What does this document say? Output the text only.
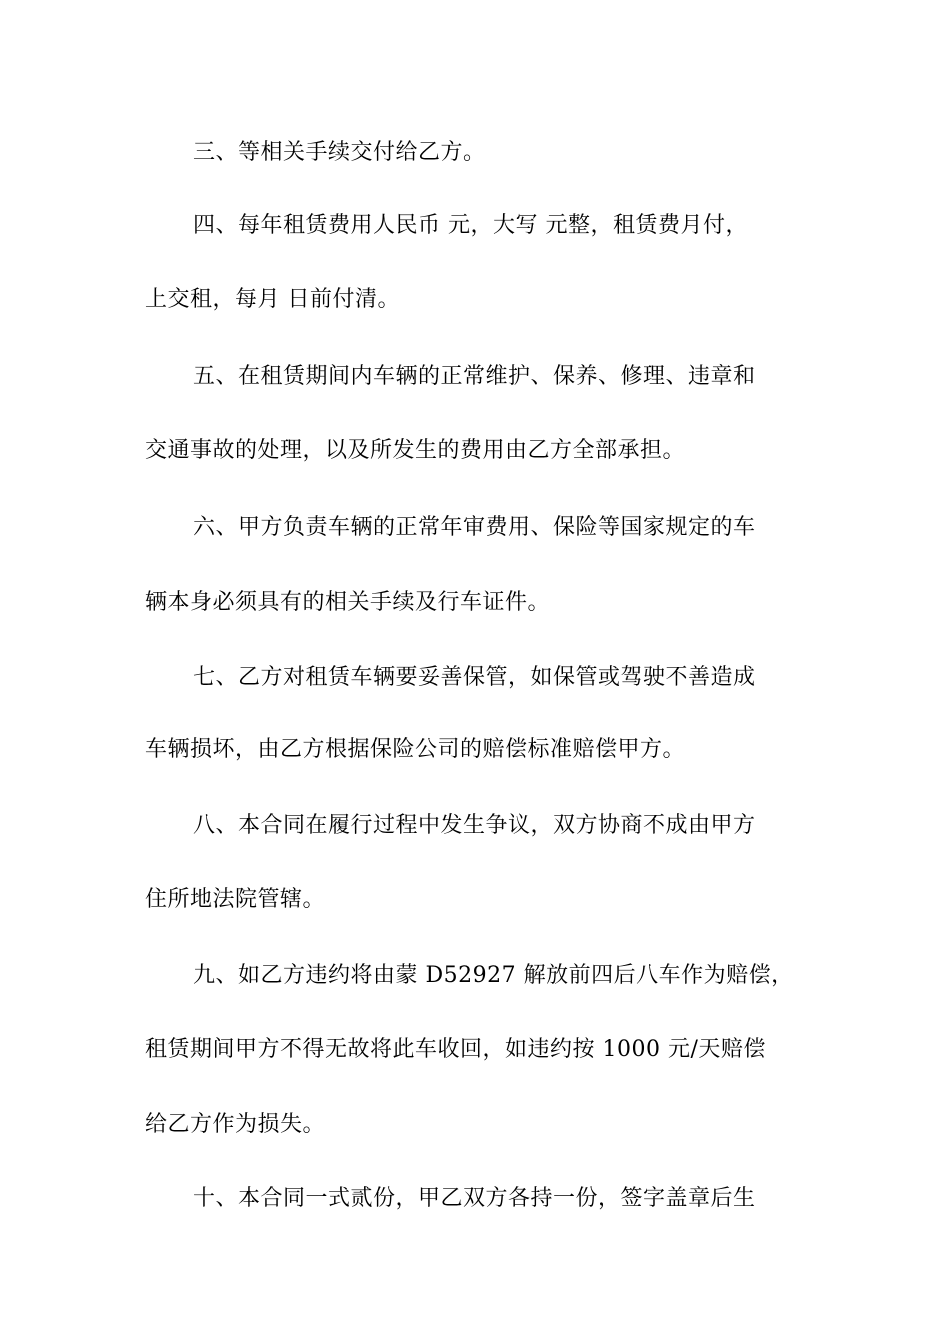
三、等相关手续交付给乙方。
四、每年租赁费用人民币 元，大写 元整，租赁费月付，
上交租，每月 日前付清。
五、在租赁期间内车辆的正常维护、保养、修理、违章和
交通事故的处理，以及所发生的费用由乙方全部承担。
六、甲方负责车辆的正常年审费用、保险等国家规定的车
辆本身必须具有的相关手续及行车证件。
七、乙方对租赁车辆要妥善保管，如保管或驾驶不善造成
车辆损坏，由乙方根据保险公司的赔偿标准赔偿甲方。
八、本合同在履行过程中发生争议，双方协商不成由甲方
住所地法院管辖。
九、如乙方违约将由蒙 D52927 解放前四后八车作为赔偿，
租赁期间甲方不得无故将此车收回，如违约按 1000 元/天赔偿
给乙方作为损失。
十、本合同一式贰份，甲乙双方各持一份，签字盖章后生
